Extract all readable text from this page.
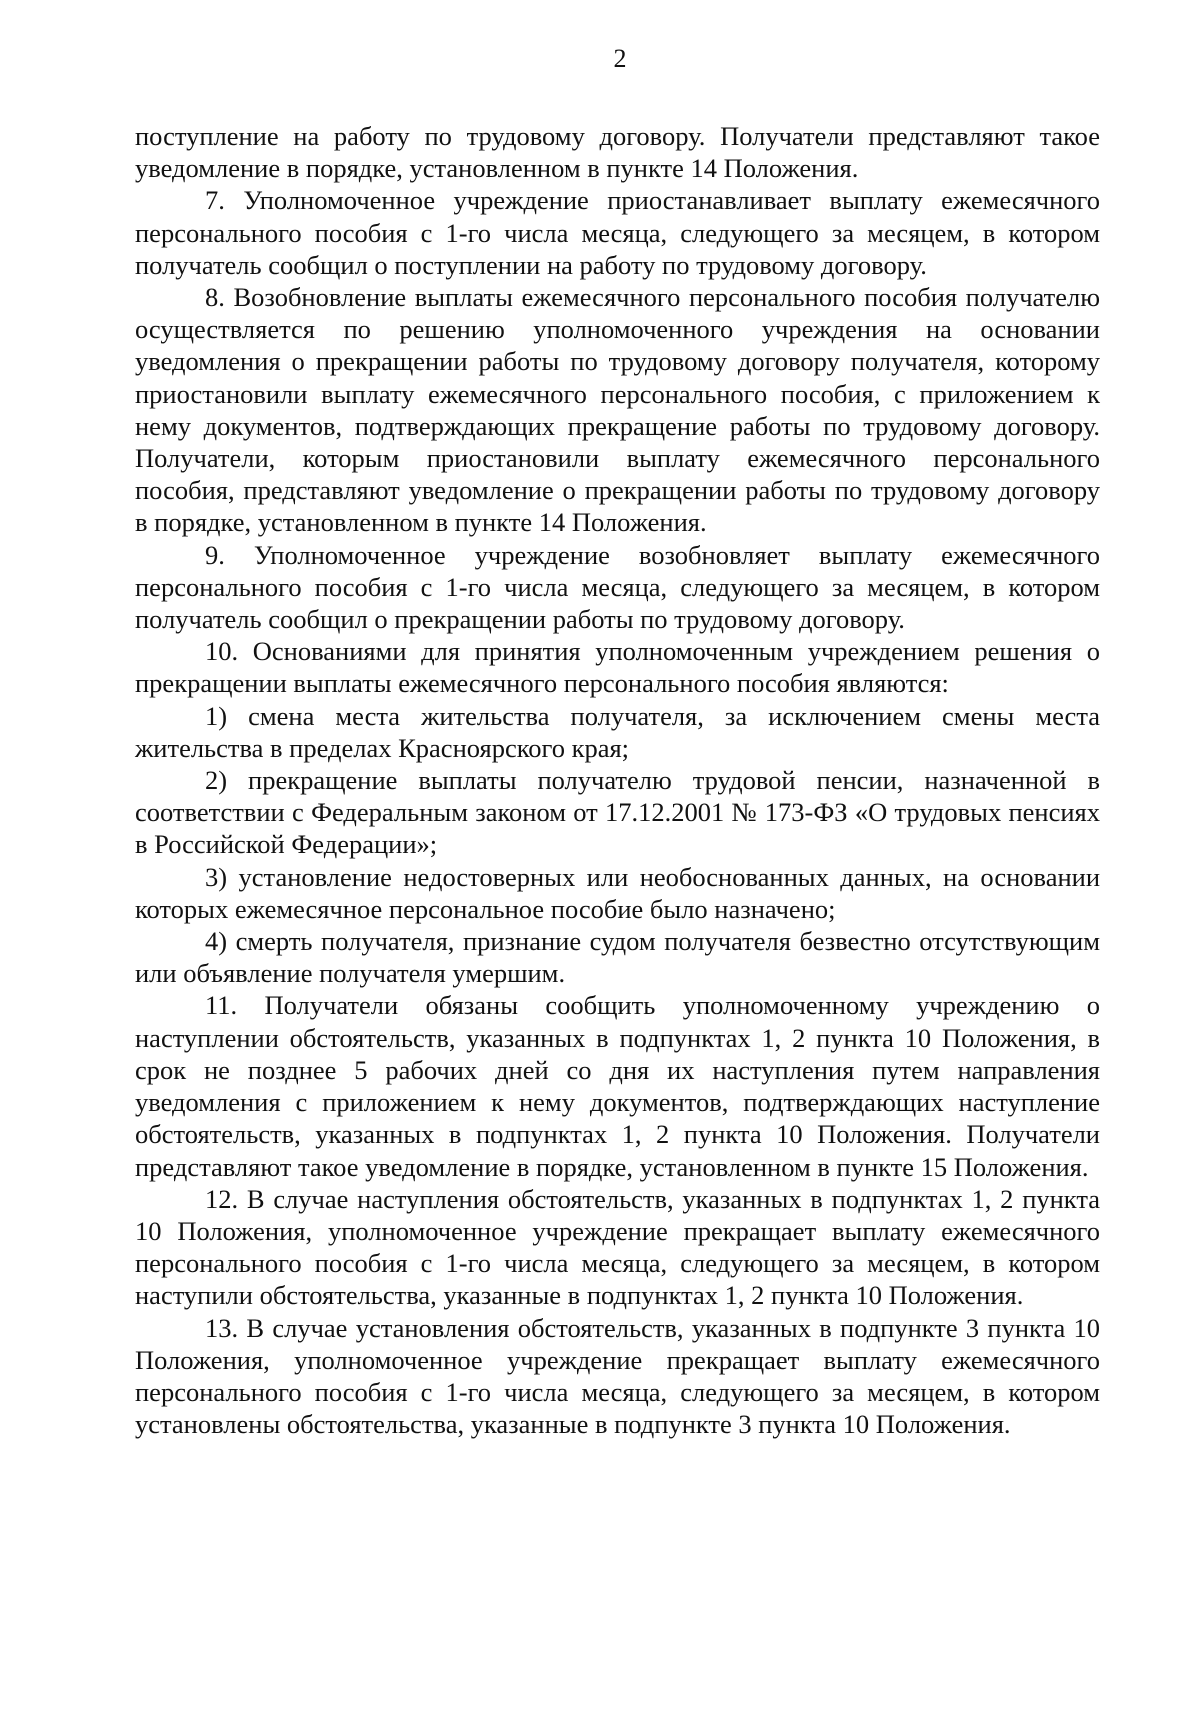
2

поступление на работу по трудовому договору. Получатели представляют такое уведомление в порядке, установленном в пункте 14 Положения.

7. Уполномоченное учреждение приостанавливает выплату ежемесячного персонального пособия с 1-го числа месяца, следующего за месяцем, в котором получатель сообщил о поступлении на работу по трудовому договору.

8. Возобновление выплаты ежемесячного персонального пособия получателю осуществляется по решению уполномоченного учреждения на основании уведомления о прекращении работы по трудовому договору получателя, которому приостановили выплату ежемесячного персонального пособия, с приложением к нему документов, подтверждающих прекращение работы по трудовому договору. Получатели, которым приостановили выплату ежемесячного персонального пособия, представляют уведомление о прекращении работы по трудовому договору в порядке, установленном в пункте 14 Положения.

9. Уполномоченное учреждение возобновляет выплату ежемесячного персонального пособия с 1-го числа месяца, следующего за месяцем, в котором получатель сообщил о прекращении работы по трудовому договору.

10. Основаниями для принятия уполномоченным учреждением решения о прекращении выплаты ежемесячного персонального пособия являются:

1) смена места жительства получателя, за исключением смены места жительства в пределах Красноярского края;

2) прекращение выплаты получателю трудовой пенсии, назначенной в соответствии с Федеральным законом от 17.12.2001 № 173-ФЗ «О трудовых пенсиях в Российской Федерации»;

3) установление недостоверных или необоснованных данных, на основании которых ежемесячное персональное пособие было назначено;

4) смерть получателя, признание судом получателя безвестно отсутствующим или объявление получателя умершим.

11. Получатели обязаны сообщить уполномоченному учреждению о наступлении обстоятельств, указанных в подпунктах 1, 2 пункта 10 Положения, в срок не позднее 5 рабочих дней со дня их наступления путем направления уведомления с приложением к нему документов, подтверждающих наступление обстоятельств, указанных в подпунктах 1, 2 пункта 10 Положения. Получатели представляют такое уведомление в порядке, установленном в пункте 15 Положения.

12. В случае наступления обстоятельств, указанных в подпунктах 1, 2 пункта 10 Положения, уполномоченное учреждение прекращает выплату ежемесячного персонального пособия с 1-го числа месяца, следующего за месяцем, в котором наступили обстоятельства, указанные в подпунктах 1, 2 пункта 10 Положения.

13. В случае установления обстоятельств, указанных в подпункте 3 пункта 10 Положения, уполномоченное учреждение прекращает выплату ежемесячного персонального пособия с 1-го числа месяца, следующего за месяцем, в котором установлены обстоятельства, указанные в подпункте 3 пункта 10 Положения.
